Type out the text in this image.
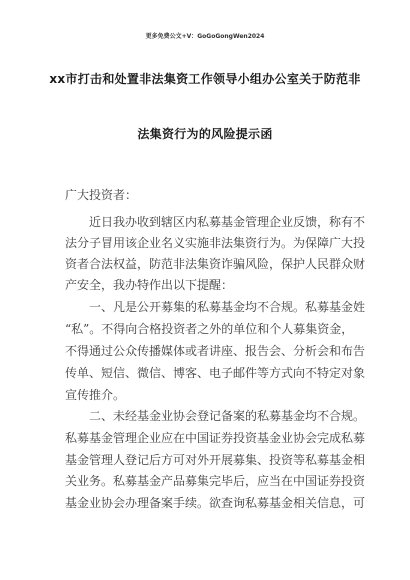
更多免费公文+V：GoGoGongWen2024
xx市打击和处置非法集资工作领导小组办公室关于防范非
法集资行为的风险提示函
广大投资者：
近日我办收到辖区内私募基金管理企业反馈，称有不
法分子冒用该企业名义实施非法集资行为。为保障广大投
资者合法权益，防范非法集资诈骗风险，保护人民群众财
产安全，我办特作出以下提醒：
一、凡是公开募集的私募基金均不合规。私募基金姓
“私”。不得向合格投资者之外的单位和个人募集资金，
不得通过公众传播媒体或者讲座、报告会、分析会和布告
传单、短信、微信、博客、电子邮件等方式向不特定对象
宣传推介。
二、未经基金业协会登记备案的私募基金均不合规。
私募基金管理企业应在中国证券投资基金业协会完成私募
基金管理人登记后方可对外开展募集、投资等私募基金相
关业务。私募基金产品募集完毕后，应当在中国证券投资
基金业协会办理备案手续。欲查询私募基金相关信息，可
